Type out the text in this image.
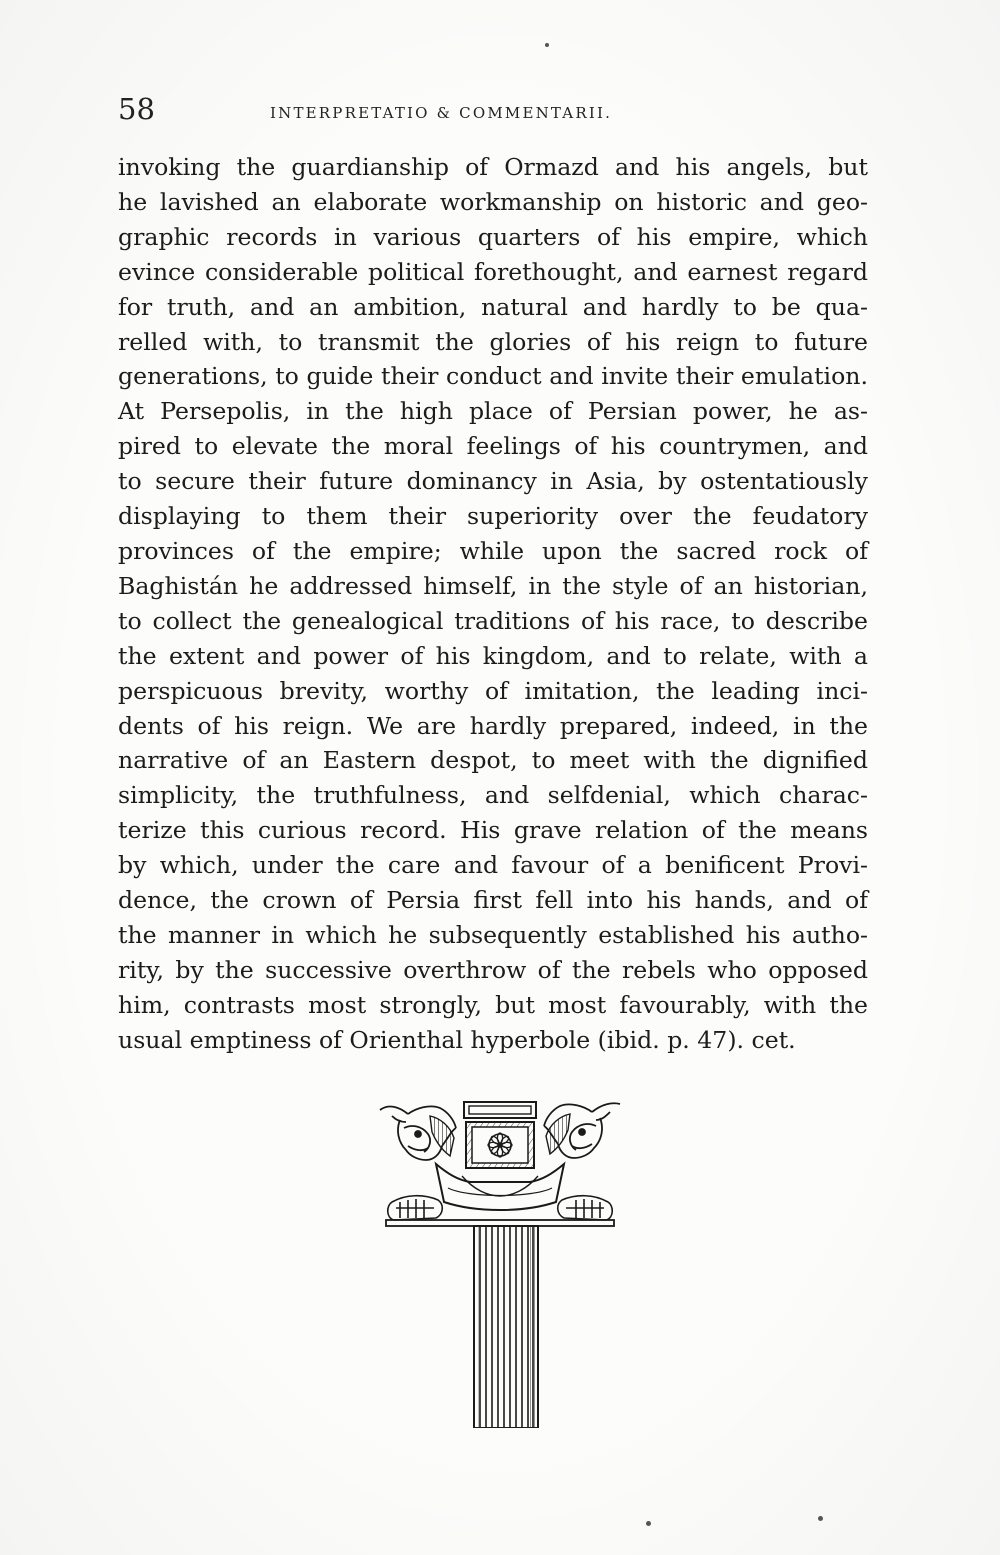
58	INTERPRETATIO & COMMENTARII.
invoking the guardianship of Ormazd and his angels, but
he lavished an elaborate workmanship on historic and geo-
graphic records in various quarters of his empire, which
evince considerable political forethought, and earnest regard
for truth, and an ambition, natural and hardly to be qua-
relled with, to transmit the glories of his reign to future
generations, to guide their conduct and invite their emulation.
At Persepolis, in the high place of Persian power, he as-
pired to elevate the moral feelings of his countrymen, and
to secure their future dominancy in Asia, by ostentatiously
displaying to them their superiority over the feudatory
provinces of the empire; while upon the sacred rock of
Baghistán he addressed himself, in the style of an historian,
to collect the genealogical traditions of his race, to describe
the extent and power of his kingdom, and to relate, with a
perspicuous brevity, worthy of imitation, the leading inci-
dents of his reign. We are hardly prepared, indeed, in the
narrative of an Eastern despot, to meet with the dignified
simplicity, the truthfulness, and selfdenial, which charac-
terize this curious record. His grave relation of the means
by which, under the care and favour of a benificent Provi-
dence, the crown of Persia first fell into his hands, and of
the manner in which he subsequently established his autho-
rity, by the successive overthrow of the rebels who opposed
him, contrasts most strongly, but most favourably, with the
usual emptiness of Orienthal hyperbole (ibid. p. 47). cet.
